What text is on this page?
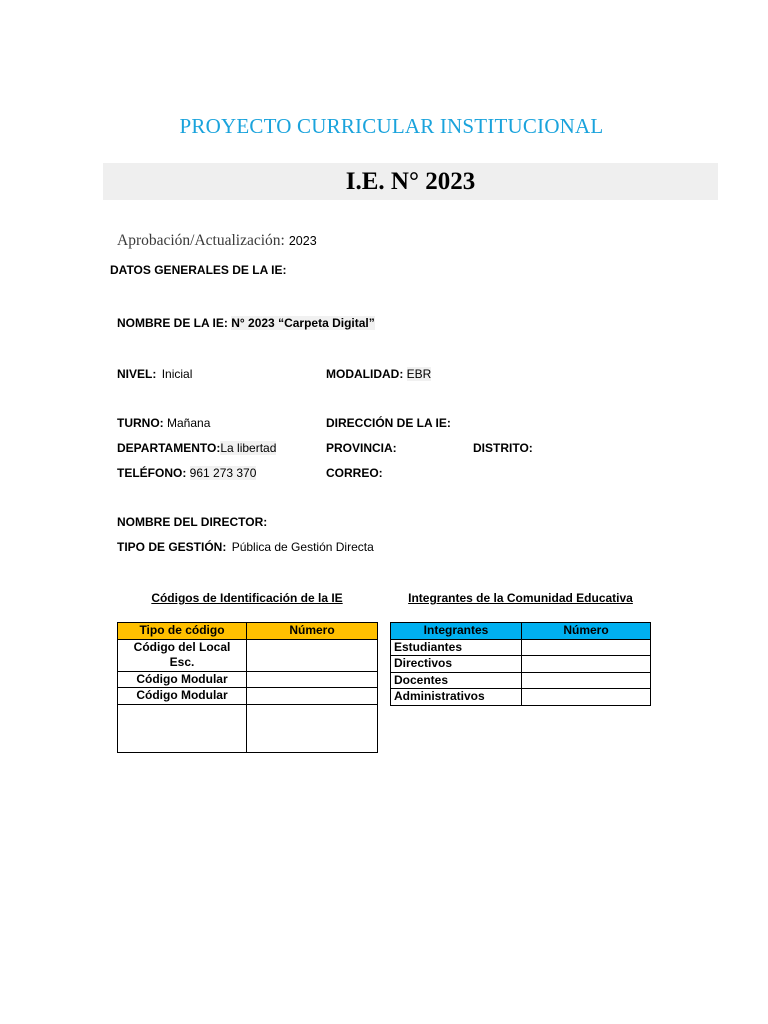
PROYECTO CURRICULAR INSTITUCIONAL
I.E. N° 2023
Aprobación/Actualización: 2023
DATOS GENERALES DE LA IE:
NOMBRE DE LA IE: N° 2023 “Carpeta Digital”
NIVEL: Inicial	MODALIDAD: EBR
TURNO: Mañana	DIRECCIÓN DE LA IE:
DEPARTAMENTO:La libertad	PROVINCIA:	DISTRITO:
TELÉFONO: 961 273 370	CORREO:
NOMBRE DEL DIRECTOR:
TIPO DE GESTIÓN: Pública de Gestión Directa
Códigos de Identificación de la IE	Integrantes de la Comunidad Educativa
Tipo de código	Número
Código del Local Esc.	
Código Modular	
Código Modular	

Integrantes	Número
Estudiantes	
Directivos	
Docentes	
Administrativos	
